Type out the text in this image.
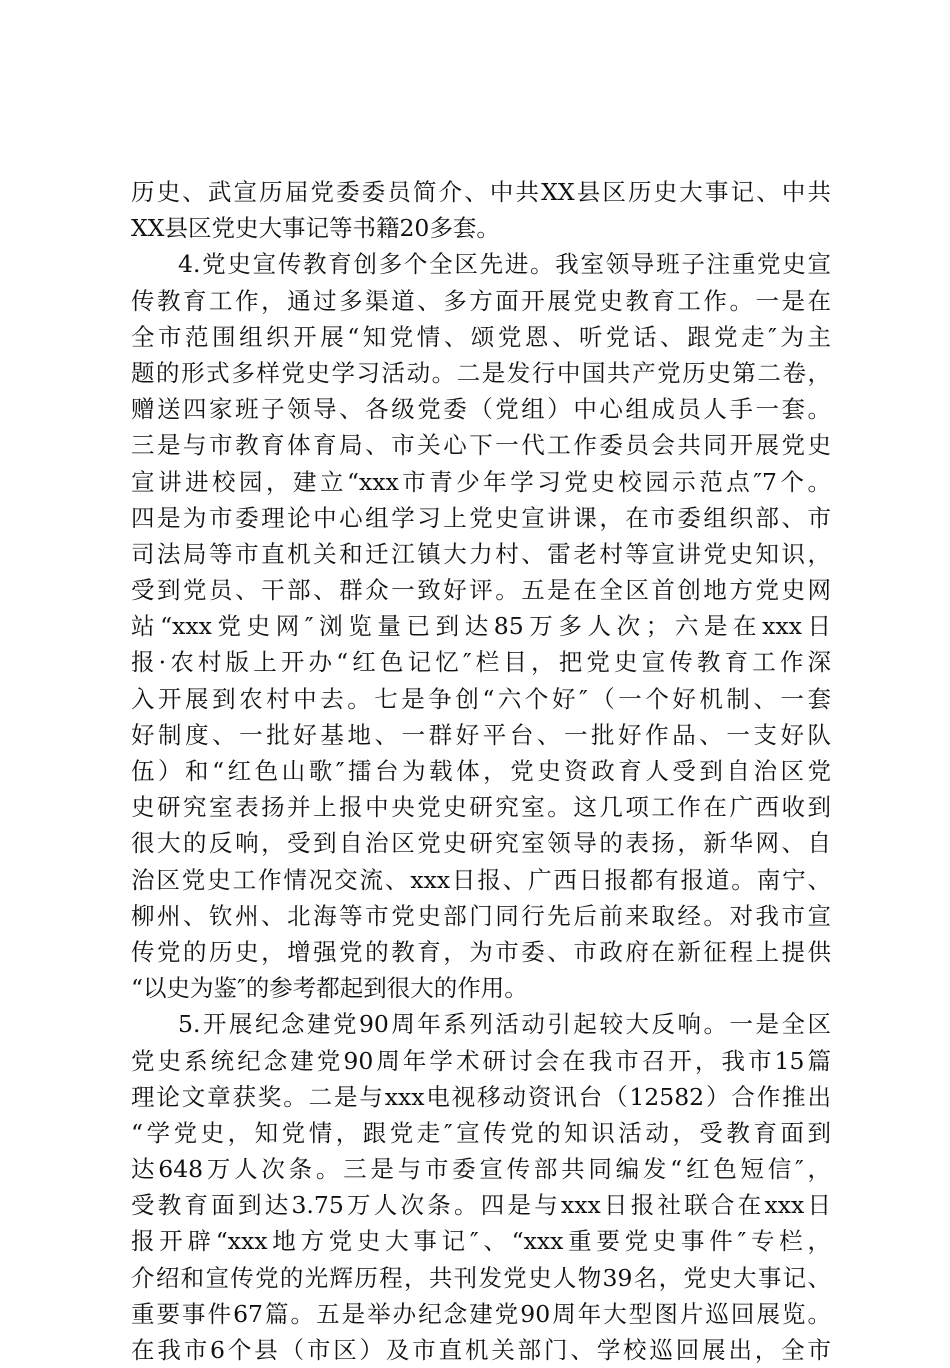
历史、武宣历届党委委员简介、中共XX县区历史大事记、中共
XX县区党史大事记等书籍20多套。
4.党史宣传教育创多个全区先进。我室领导班子注重党史宣
传教育工作，通过多渠道、多方面开展党史教育工作。一是在
全市范围组织开展“知党情、颂党恩、听党话、跟党走″为主
题的形式多样党史学习活动。二是发行中国共产党历史第二卷，
赠送四家班子领导、各级党委（党组）中心组成员人手一套。
三是与市教育体育局、市关心下一代工作委员会共同开展党史
宣讲进校园，建立“xxx市青少年学习党史校园示范点″7个。
四是为市委理论中心组学习上党史宣讲课，在市委组织部、市
司法局等市直机关和迁江镇大力村、雷老村等宣讲党史知识，
受到党员、干部、群众一致好评。五是在全区首创地方党史网
站“xxx党史网″浏览量已到达85万多人次；六是在xxx日
报·农村版上开办“红色记忆″栏目，把党史宣传教育工作深
入开展到农村中去。七是争创“六个好″（一个好机制、一套
好制度、一批好基地、一群好平台、一批好作品、一支好队
伍）和“红色山歌″擂台为载体，党史资政育人受到自治区党
史研究室表扬并上报中央党史研究室。这几项工作在广西收到
很大的反响，受到自治区党史研究室领导的表扬，新华网、自
治区党史工作情况交流、xxx日报、广西日报都有报道。南宁、
柳州、钦州、北海等市党史部门同行先后前来取经。对我市宣
传党的历史，增强党的教育，为市委、市政府在新征程上提供
“以史为鉴″的参考都起到很大的作用。
5.开展纪念建党90周年系列活动引起较大反响。一是全区
党史系统纪念建党90周年学术研讨会在我市召开，我市15篇
理论文章获奖。二是与xxx电视移动资讯台（12582）合作推出
“学党史，知党情，跟党走″宣传党的知识活动，受教育面到
达648万人次条。三是与市委宣传部共同编发“红色短信″，
受教育面到达3.75万人次条。四是与xxx日报社联合在xxx日
报开辟“xxx地方党史大事记″、“xxx重要党史事件″专栏，
介绍和宣传党的光辉历程，共刊发党史人物39名，党史大事记、
重要事件67篇。五是举办纪念建党90周年大型图片巡回展览。
在我市6个县（市区）及市直机关部门、学校巡回展出，全市
